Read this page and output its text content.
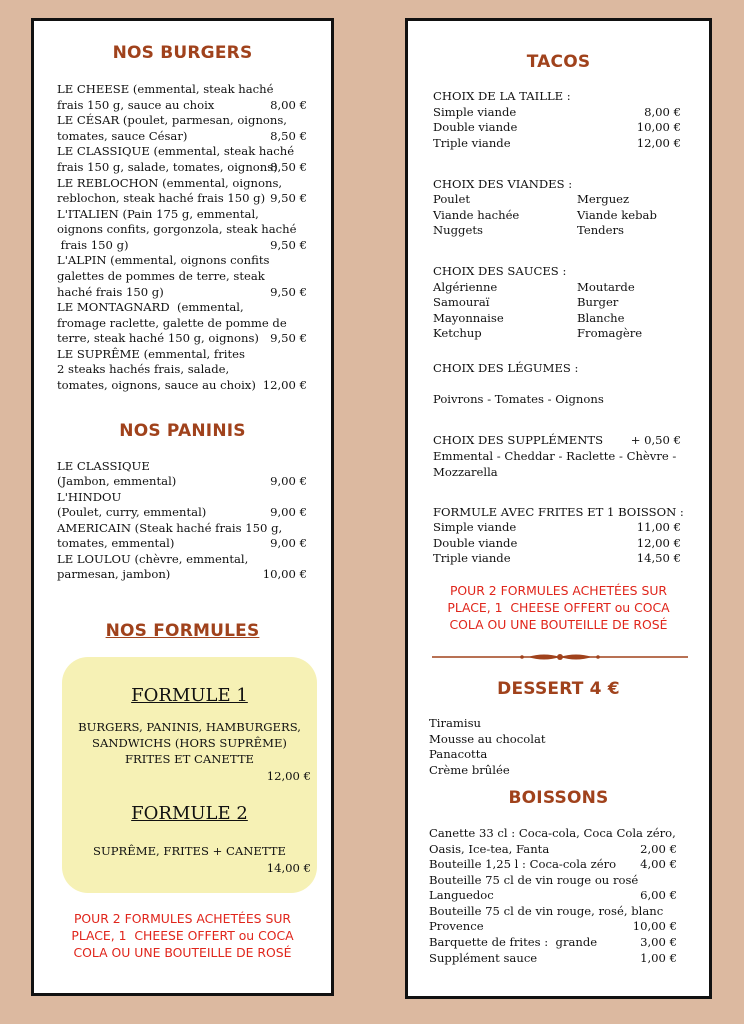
NOS BURGERS
LE CHEESE (emmental, steak haché
frais 150 g, sauce au choix
LE CÉSAR (poulet, parmesan, oignons,
tomates, sauce César)
LE CLASSIQUE (emmental, steak haché
frais 150 g, salade, tomates, oignons)
LE REBLOCHON (emmental, oignons,
reblochon, steak haché frais 150 g)
L'ITALIEN (Pain 175 g, emmental,
oignons confits, gorgonzola, steak haché
frais 150 g)
L'ALPIN (emmental, oignons confits
galettes de pommes de terre, steak
haché frais 150 g)
LE MONTAGNARD  (emmental,
fromage raclette, galette de pomme de
terre, steak haché 150 g, oignons)
LE SUPRÊME (emmental, frites
2 steaks hachés frais, salade,
tomates, oignons, sauce au choix)
8,00 €
8,50 €
8,50 €
9,50 €
9,50 €
9,50 €
9,50 €
12,00 €
NOS PANINIS
LE CLASSIQUE
(Jambon, emmental)
L'HINDOU
(Poulet, curry, emmental)
AMERICAIN (Steak haché frais 150 g,
tomates, emmental)
LE LOULOU (chèvre, emmental,
parmesan, jambon)
9,00 €
9,00 €
9,00 €
10,00 €
NOS FORMULES
FORMULE 1
BURGERS, PANINIS, HAMBURGERS,
SANDWICHS (HORS SUPRÊME)
FRITES ET CANETTE
12,00 €
FORMULE 2
SUPRÊME, FRITES + CANETTE
14,00 €
POUR 2 FORMULES ACHETÉES SUR
PLACE, 1  CHEESE OFFERT ou COCA
COLA OU UNE BOUTEILLE DE ROSÉ
TACOS
CHOIX DE LA TAILLE :
Simple viande
Double viande
Triple viande
8,00 €
10,00 €
12,00 €
CHOIX DES VIANDES :
Poulet
Viande hachée
Nuggets
Merguez
Viande kebab
Tenders
CHOIX DES SAUCES :
Algérienne
Samouraï
Mayonnaise
Ketchup
Moutarde
Burger
Blanche
Fromagère
CHOIX DES LÉGUMES :
Poivrons - Tomates - Oignons
CHOIX DES SUPPLÉMENTS + 0,50 €
Emmental - Cheddar - Raclette - Chèvre -
Mozzarella
FORMULE AVEC FRITES ET 1 BOISSON :
Simple viande
Double viande
Triple viande
11,00 €
12,00 €
14,50 €
POUR 2 FORMULES ACHETÉES SUR
PLACE, 1  CHEESE OFFERT ou COCA
COLA OU UNE BOUTEILLE DE ROSÉ
DESSERT 4 €
Tiramisu
Mousse au chocolat
Panacotta
Crème brûlée
BOISSONS
Canette 33 cl : Coca-cola, Coca Cola zéro,
Oasis, Ice-tea, Fanta
Bouteille 1,25 l : Coca-cola zéro
Bouteille 75 cl de vin rouge ou rosé
Languedoc
Bouteille 75 cl de vin rouge, rosé, blanc
Provence
Barquette de frites :  grande
Supplément sauce
2,00 €
4,00 €
6,00 €
10,00 €
3,00 €
1,00 €
